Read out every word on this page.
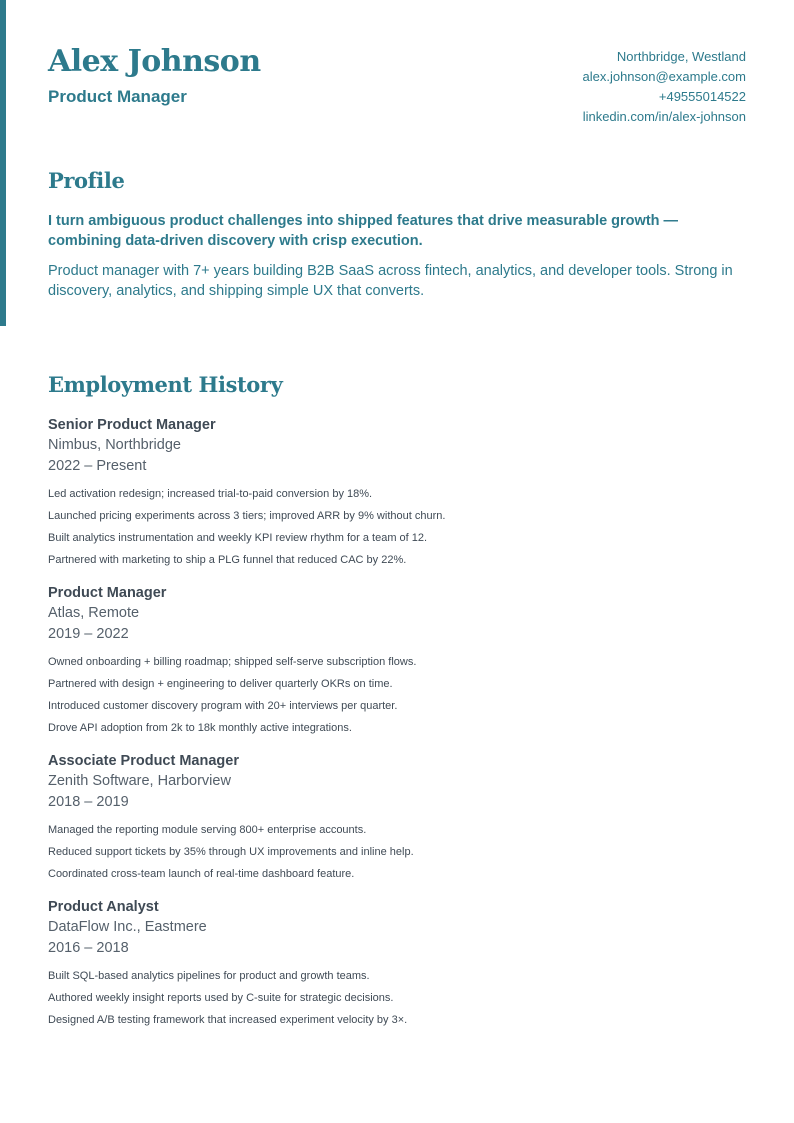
Alex Johnson
Product Manager
Northbridge, Westland
alex.johnson@example.com
+49555014522
linkedin.com/in/alex-johnson
Profile

I turn ambiguous product challenges into shipped features that drive measurable growth — combining data-driven discovery with crisp execution.

Product manager with 7+ years building B2B SaaS across fintech, analytics, and developer tools. Strong in discovery, analytics, and shipping simple UX that converts.

Employment History
Senior Product Manager
Nimbus, Northbridge
2022 – Present
Led activation redesign; increased trial-to-paid conversion by 18%.
Launched pricing experiments across 3 tiers; improved ARR by 9% without churn.
Built analytics instrumentation and weekly KPI review rhythm for a team of 12.
Partnered with marketing to ship a PLG funnel that reduced CAC by 22%.
Product Manager
Atlas, Remote
2019 – 2022
Owned onboarding + billing roadmap; shipped self-serve subscription flows.
Partnered with design + engineering to deliver quarterly OKRs on time.
Introduced customer discovery program with 20+ interviews per quarter.
Drove API adoption from 2k to 18k monthly active integrations.
Associate Product Manager
Zenith Software, Harborview
2018 – 2019
Managed the reporting module serving 800+ enterprise accounts.
Reduced support tickets by 35% through UX improvements and inline help.
Coordinated cross-team launch of real-time dashboard feature.
Product Analyst
DataFlow Inc., Eastmere
2016 – 2018
Built SQL-based analytics pipelines for product and growth teams.
Authored weekly insight reports used by C-suite for strategic decisions.
Designed A/B testing framework that increased experiment velocity by 3×.
